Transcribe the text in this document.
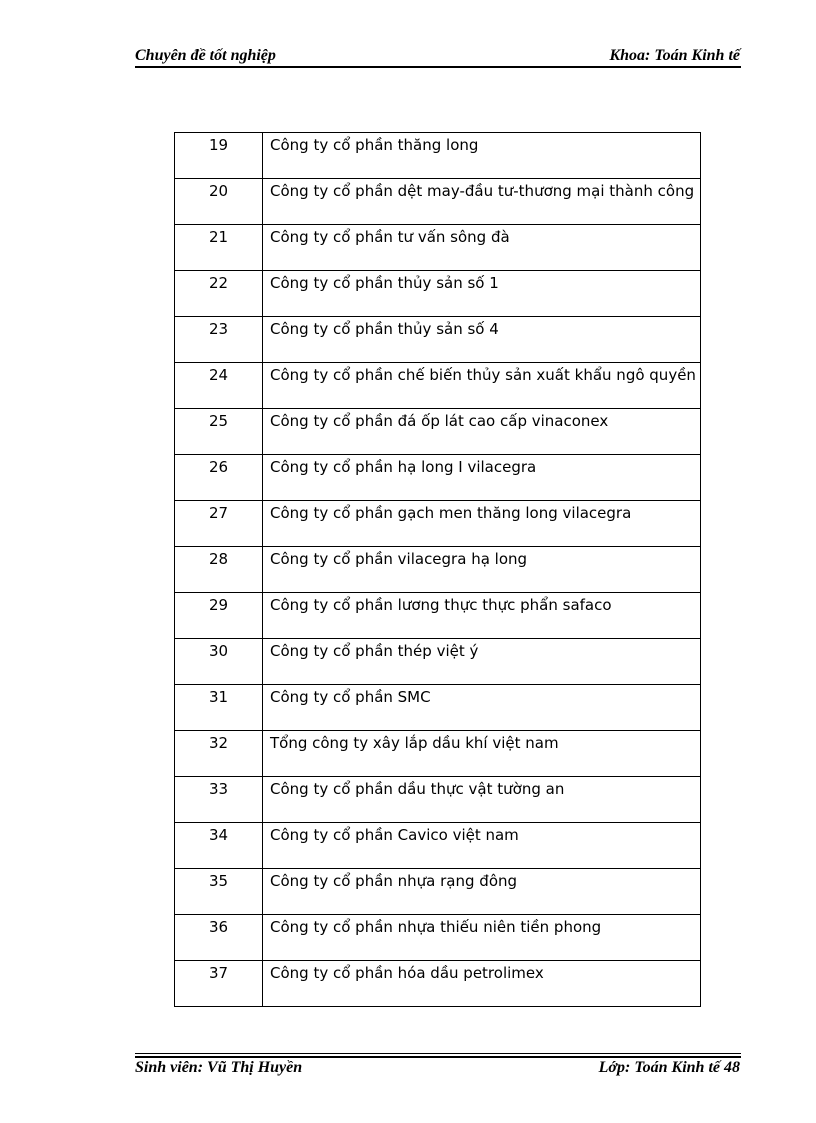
Chuyên đề tốt nghiệp	Khoa: Toán Kinh tế
19	Công ty cổ phần thăng long
20	Công ty cổ phần dệt may-đầu tư-thương mại thành công
21	Công ty cổ phần tư vấn sông đà
22	Công ty cổ phần thủy sản số 1
23	Công ty cổ phần thủy sản số 4
24	Công ty cổ phần chế biến thủy sản xuất khẩu ngô quyền
25	Công ty cổ phần đá ốp lát cao cấp vinaconex
26	Công ty cổ phần hạ long I vilacegra
27	Công ty cổ phần gạch men thăng long vilacegra
28	Công ty cổ phần vilacegra hạ long
29	Công ty cổ phần lương thực thực phẩn safaco
30	Công ty cổ phần thép việt ý
31	Công ty cổ phần SMC
32	Tổng công ty xây lắp dầu khí việt nam
33	Công ty cổ phần dầu thực vật tường an
34	Công ty cổ phần Cavico việt nam
35	Công ty cổ phần nhựa rạng đông
36	Công ty cổ phần nhựa thiếu niên tiền phong
37	Công ty cổ phần hóa dầu petrolimex
Sinh viên: Vũ Thị Huyền	Lớp: Toán Kinh tế 48
